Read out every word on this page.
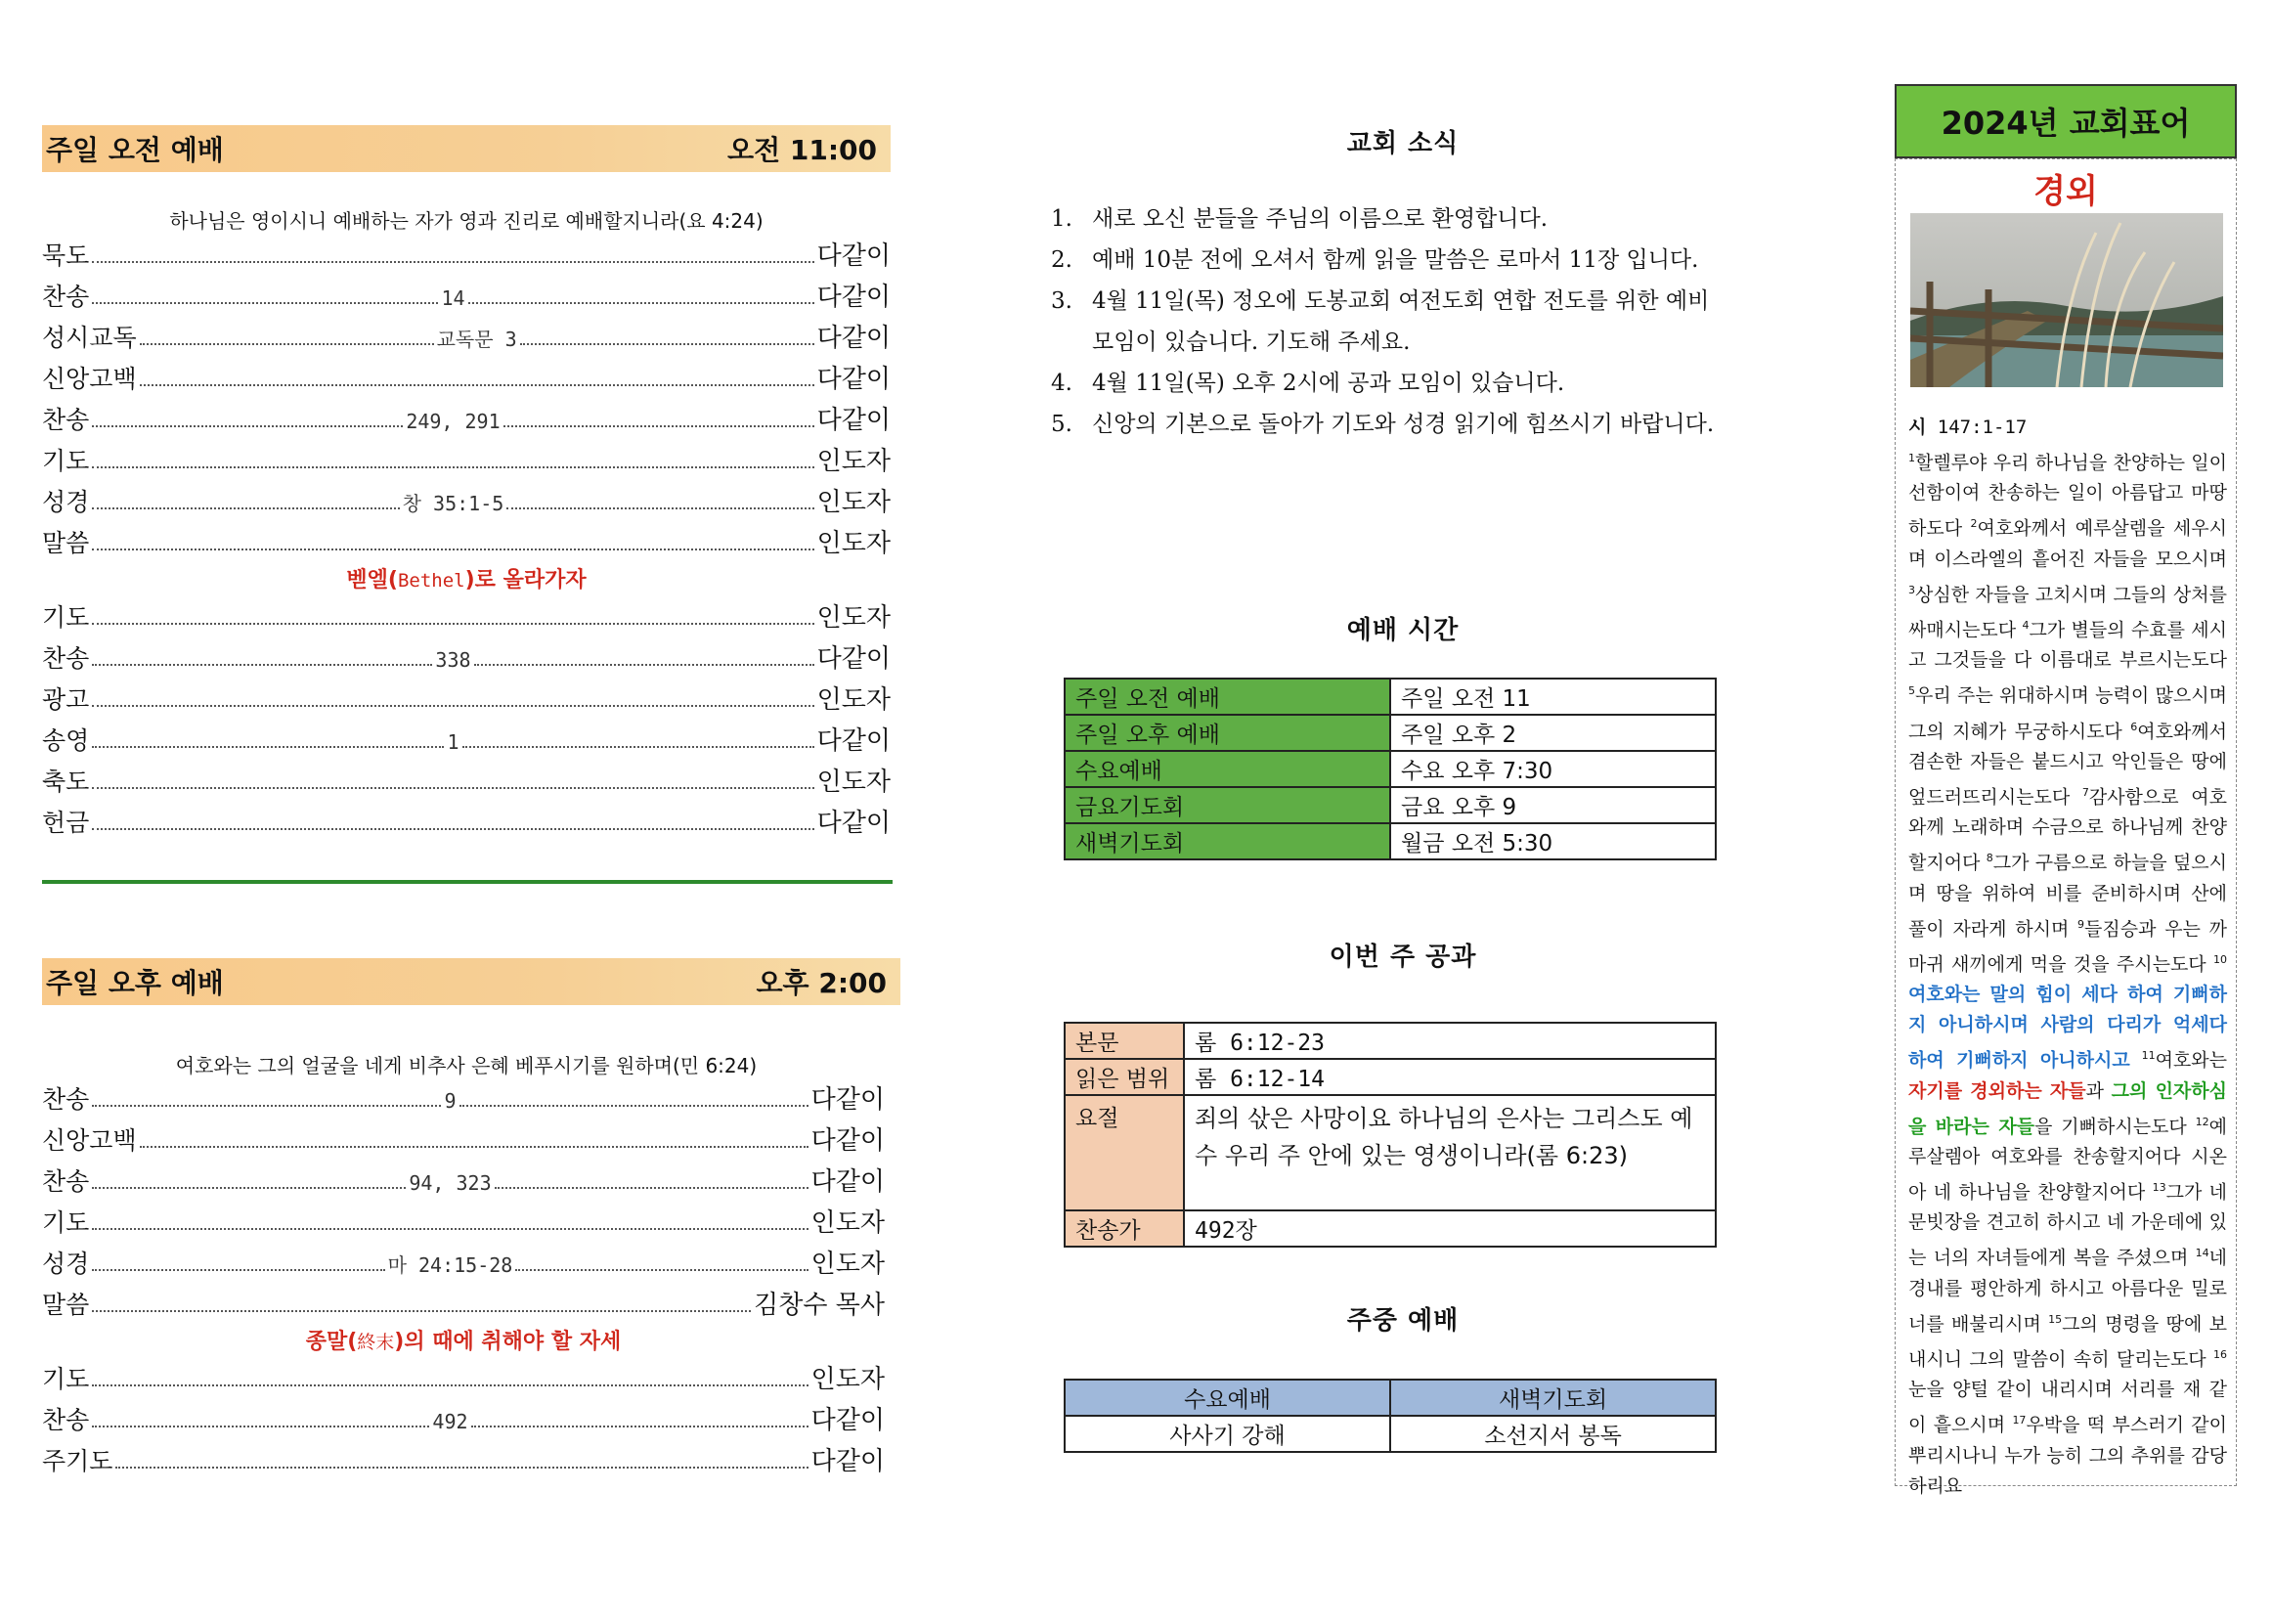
주일 오전 예배	오전 11:00
하나님은 영이시니 예배하는 자가 영과 진리로 예배할지니라(요 4:24)
묵도	다같이
찬송	14	다같이
성시교독	교독문 3	다같이
신앙고백	다같이
찬송	249, 291	다같이
기도	인도자
성경	창 35:1-5	인도자
말씀	인도자
벧엘(Bethel)로 올라가자
기도	인도자
찬송	338	다같이
광고	인도자
송영	1	다같이
축도	인도자
헌금	다같이
주일 오후 예배	오후 2:00
여호와는 그의 얼굴을 네게 비추사 은혜 베푸시기를 원하며(민 6:24)
찬송	9	다같이
신앙고백	다같이
찬송	94, 323	다같이
기도	인도자
성경	마 24:15-28	인도자
말씀	김창수 목사
종말(終末)의 때에 취해야 할 자세
기도	인도자
찬송	492	다같이
주기도	다같이
교회 소식
1. 새로 오신 분들을 주님의 이름으로 환영합니다.
2. 예배 10분 전에 오셔서 함께 읽을 말씀은 로마서 11장 입니다.
3. 4월 11일(목) 정오에 도봉교회 여전도회 연합 전도를 위한 예비 모임이 있습니다. 기도해 주세요.
4. 4월 11일(목) 오후 2시에 공과 모임이 있습니다.
5. 신앙의 기본으로 돌아가 기도와 성경 읽기에 힘쓰시기 바랍니다.
예배 시간
주일 오전 예배	주일 오전 11
주일 오후 예배	주일 오후 2
수요예배	수요 오후 7:30
금요기도회	금요 오후 9
새벽기도회	월금 오전 5:30
이번 주 공과
본문	롬 6:12-23
읽은 범위	롬 6:12-14
요절	죄의 삯은 사망이요 하나님의 은사는 그리스도 예수 우리 주 안에 있는 영생이니라(롬 6:23)
찬송가	492장
주중 예배
수요예배	새벽기도회
사사기 강해	소선지서 봉독
2024년 교회표어
경외
시 147:1-17
$^1$할렐루야 우리 하나님을 찬양하는 일이 선함이여 찬송하는 일이 아름답고 마땅하도다 $^2$여호와께서 예루살렘을 세우시며 이스라엘의 흩어진 자들을 모으시며 $^3$상심한 자들을 고치시며 그들의 상처를 싸매시는도다 $^4$그가 별들의 수효를 세시고 그것들을 다 이름대로 부르시는도다 $^5$우리 주는 위대하시며 능력이 많으시며 그의 지혜가 무궁하시도다 $^6$여호와께서 겸손한 자들은 붙드시고 악인들은 땅에 엎드러뜨리시는도다 $^7$감사함으로 여호와께 노래하며 수금으로 하나님께 찬양할지어다 $^8$그가 구름으로 하늘을 덮으시며 땅을 위하여 비를 준비하시며 산에 풀이 자라게 하시며 $^9$들짐승과 우는 까마귀 새끼에게 먹을 것을 주시는도다 $^{10}$여호와는 말의 힘이 세다 하여 기뻐하지 아니하시며 사람의 다리가 억세다 하여 기뻐하지 아니하시고 $^{11}$여호와는 자기를 경외하는 자들과 그의 인자하심을 바라는 자들을 기뻐하시는도다 $^{12}$예루살렘아 여호와를 찬송할지어다 시온아 네 하나님을 찬양할지어다 $^{13}$그가 네 문빗장을 견고히 하시고 네 가운데에 있는 너의 자녀들에게 복을 주셨으며 $^{14}$네 경내를 평안하게 하시고 아름다운 밀로 너를 배불리시며 $^{15}$그의 명령을 땅에 보내시니 그의 말씀이 속히 달리는도다 $^{16}$눈을 양털 같이 내리시며 서리를 재 같이 흩으시며 $^{17}$우박을 떡 부스러기 같이 뿌리시나니 누가 능히 그의 추위를 감당하리요
